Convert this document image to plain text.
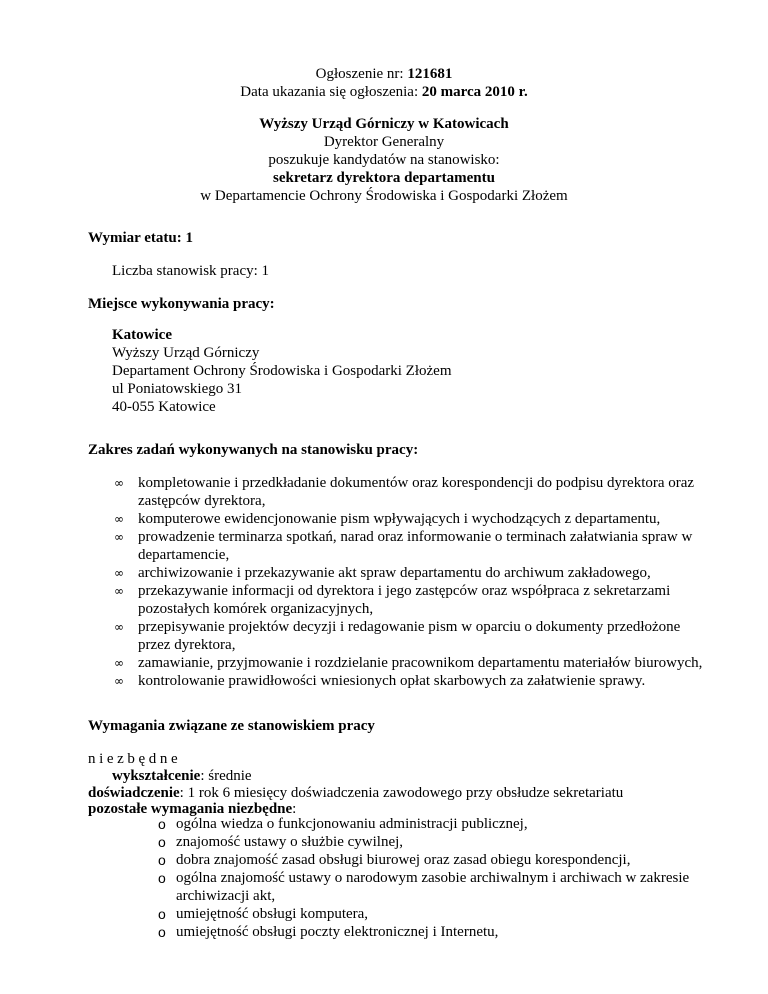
Ogłoszenie nr: 121681
Data ukazania się ogłoszenia: 20 marca 2010 r.
Wyższy Urząd Górniczy w Katowicach
Dyrektor Generalny
poszukuje kandydatów na stanowisko:
sekretarz dyrektora departamentu
w Departamencie Ochrony Środowiska i Gospodarki Złożem
Wymiar etatu: 1
Liczba stanowisk pracy: 1
Miejsce wykonywania pracy:
Katowice
Wyższy Urząd Górniczy
Departament Ochrony Środowiska i Gospodarki Złożem
ul Poniatowskiego 31
40-055 Katowice
Zakres zadań wykonywanych na stanowisku pracy:
∞ kompletowanie i przedkładanie dokumentów oraz korespondencji do podpisu dyrektora oraz zastępców dyrektora,
∞ komputerowe ewidencjonowanie pism wpływających i wychodzących z departamentu,
∞ prowadzenie terminarza spotkań, narad oraz informowanie o terminach załatwiania spraw w departamencie,
∞ archiwizowanie i przekazywanie akt spraw departamentu do archiwum zakładowego,
∞ przekazywanie informacji od dyrektora i jego zastępców oraz współpraca z sekretarzami pozostałych komórek organizacyjnych,
∞ przepisywanie projektów decyzji i redagowanie pism w oparciu o dokumenty przedłożone przez dyrektora,
∞ zamawianie, przyjmowanie i rozdzielanie pracownikom departamentu materiałów biurowych,
∞ kontrolowanie prawidłowości wniesionych opłat skarbowych za załatwienie sprawy.
Wymagania związane ze stanowiskiem pracy
niezbędne
wykształcenie: średnie
doświadczenie: 1 rok 6 miesięcy doświadczenia zawodowego przy obsłudze sekretariatu
pozostałe wymagania niezbędne:
o ogólna wiedza o funkcjonowaniu administracji publicznej,
o znajomość ustawy o służbie cywilnej,
o dobra znajomość zasad obsługi biurowej oraz zasad obiegu korespondencji,
o ogólna znajomość ustawy o narodowym zasobie archiwalnym i archiwach w zakresie archiwizacji akt,
o umiejętność obsługi komputera,
o umiejętność obsługi poczty elektronicznej i Internetu,
